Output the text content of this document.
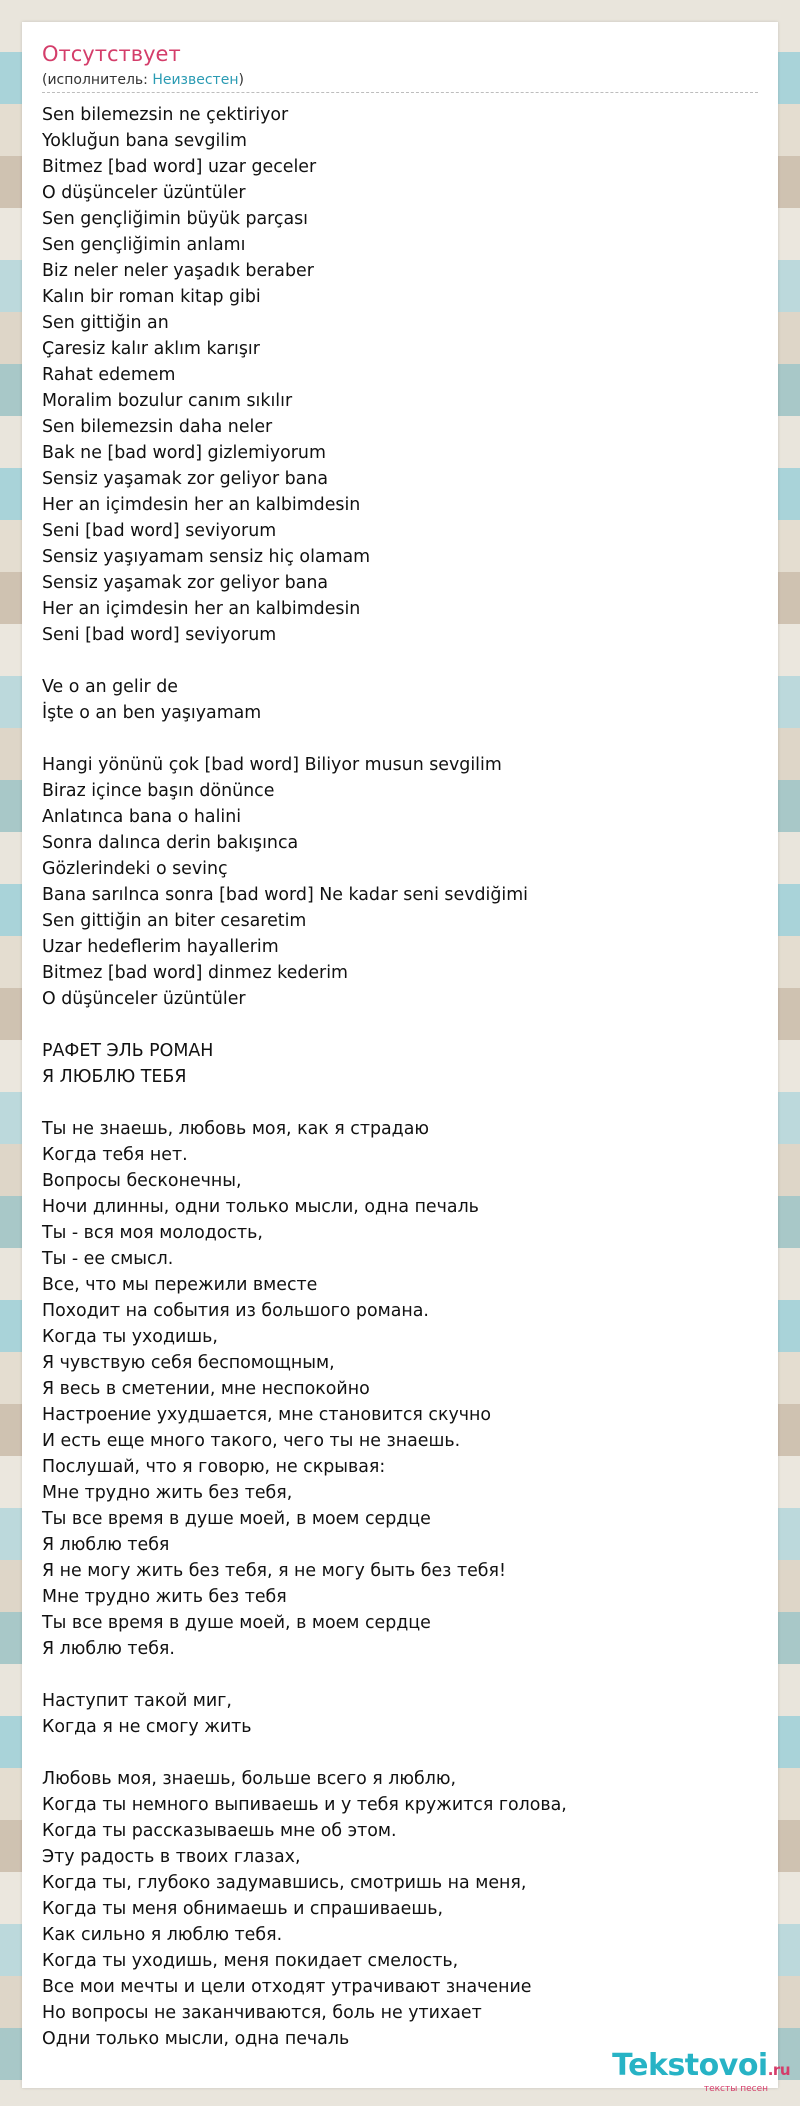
Отсутствует
(исполнитель: Неизвестен)
Sen bilemezsin ne çektiriyor
Yokluğun bana sevgilim
Bitmez [bad word] uzar geceler
O düşünceler üzüntüler
Sen gençliğimin büyük parçası
Sen gençliğimin anlamı
Biz neler neler yaşadık beraber
Kalın bir roman kitap gibi
Sen gittiğin an
Çaresiz kalır aklım karışır
Rahat edemem
Moralim bozulur canım sıkılır
Sen bilemezsin daha neler
Bak ne [bad word] gizlemiyorum
Sensiz yaşamak zor geliyor bana
Her an içimdesin her an kalbimdesin
Seni [bad word] seviyorum
Sensiz yaşıyamam sensiz hiç olamam
Sensiz yaşamak zor geliyor bana
Her an içimdesin her an kalbimdesin
Seni [bad word] seviyorum
Ve o an gelir de
İşte o an ben yaşıyamam
Hangi yönünü çok [bad word] Biliyor musun sevgilim
Biraz içince başın dönünce
Anlatınca bana o halini
Sonra dalınca derin bakışınca
Gözlerindeki o sevinç
Bana sarılnca sonra [bad word] Ne kadar seni sevdiğimi
Sen gittiğin an biter cesaretim
Uzar hedeflerim hayallerim
Bitmez [bad word] dinmez kederim
O düşünceler üzüntüler
РАФЕТ ЭЛЬ РОМАН
Я ЛЮБЛЮ ТЕБЯ
Ты не знаешь, любовь моя, как я страдаю
Когда тебя нет.
Вопросы бесконечны,
Ночи длинны, одни только мысли, одна печаль
Ты - вся моя молодость,
Ты - ее смысл.
Все, что мы пережили вместе
Походит на события из большого романа.
Когда ты уходишь,
Я чувствую себя беспомощным,
Я весь в сметении, мне неспокойно
Настроение ухудшается, мне становится скучно
И есть еще много такого, чего ты не знаешь.
Послушай, что я говорю, не скрывая:
Мне трудно жить без тебя,
Ты все время в душе моей, в моем сердце
Я люблю тебя
Я не могу жить без тебя, я не могу быть без тебя!
Мне трудно жить без тебя
Ты все время в душе моей, в моем сердце
Я люблю тебя.
Наступит такой миг,
Когда я не смогу жить
Любовь моя, знаешь, больше всего я люблю,
Когда ты немного выпиваешь и у тебя кружится голова,
Когда ты рассказываешь мне об этом.
Эту радость в твоих глазах,
Когда ты, глубоко задумавшись, смотришь на меня,
Когда ты меня обнимаешь и спрашиваешь,
Как сильно я люблю тебя.
Когда ты уходишь, меня покидает смелость,
Все мои мечты и цели отходят утрачивают значение
Но вопросы не заканчиваются, боль не утихает
Одни только мысли, одна печаль
Tekstovoi.ru
тексты песен
